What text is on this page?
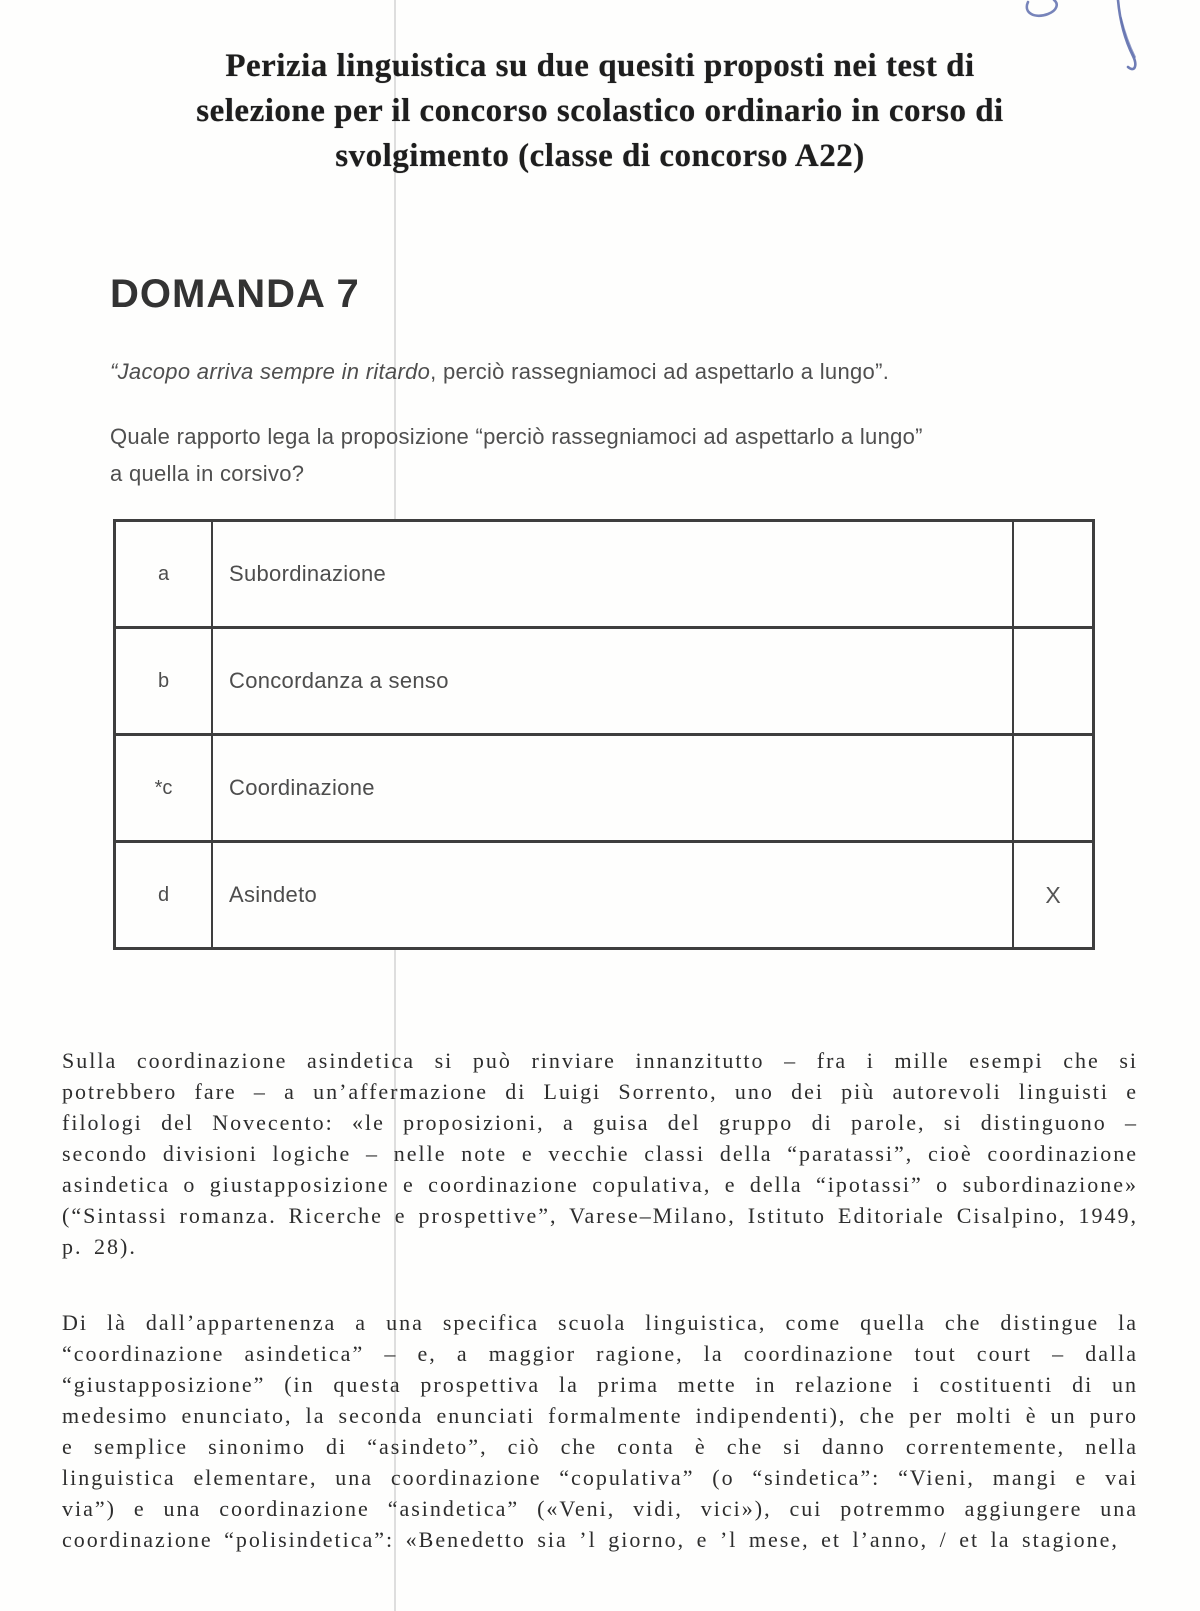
Perizia linguistica su due quesiti proposti nei test di
selezione per il concorso scolastico ordinario in corso di
svolgimento (classe di concorso A22)
DOMANDA 7
“Jacopo arriva sempre in ritardo, perciò rassegniamoci ad aspettarlo a lungo”.
Quale rapporto lega la proposizione “perciò rassegniamoci ad aspettarlo a lungo”
a quella in corsivo?
a	Subordinazione
b	Concordanza a senso
*c	Coordinazione
d	Asindeto	X

Sulla coordinazione asindetica si può rinviare innanzitutto – fra i mille esempi che si potrebbero fare – a un’affermazione di Luigi Sorrento, uno dei più autorevoli linguisti e filologi del Novecento: «le proposizioni, a guisa del gruppo di parole, si distinguono – secondo divisioni logiche – nelle note e vecchie classi della “paratassi”, cioè coordinazione asindetica o giustapposizione e coordinazione copulativa, e della “ipotassi” o subordinazione» (“Sintassi romanza. Ricerche e prospettive”, Varese–Milano, Istituto Editoriale Cisalpino, 1949, p. 28).

Di là dall’appartenenza a una specifica scuola linguistica, come quella che distingue la “coordinazione asindetica” – e, a maggior ragione, la coordinazione tout court – dalla “giustapposizione” (in questa prospettiva la prima mette in relazione i costituenti di un medesimo enunciato, la seconda enunciati formalmente indipendenti), che per molti è un puro e semplice sinonimo di “asindeto”, ciò che conta è che si danno correntemente, nella linguistica elementare, una coordinazione “copulativa” (o “sindetica”: “Vieni, mangi e vai via”) e una coordinazione “asindetica” («Veni, vidi, vici»), cui potremmo aggiungere una coordinazione “polisindetica”: «Benedetto sia ’l giorno, e ’l mese, et l’anno, / et la stagione,
